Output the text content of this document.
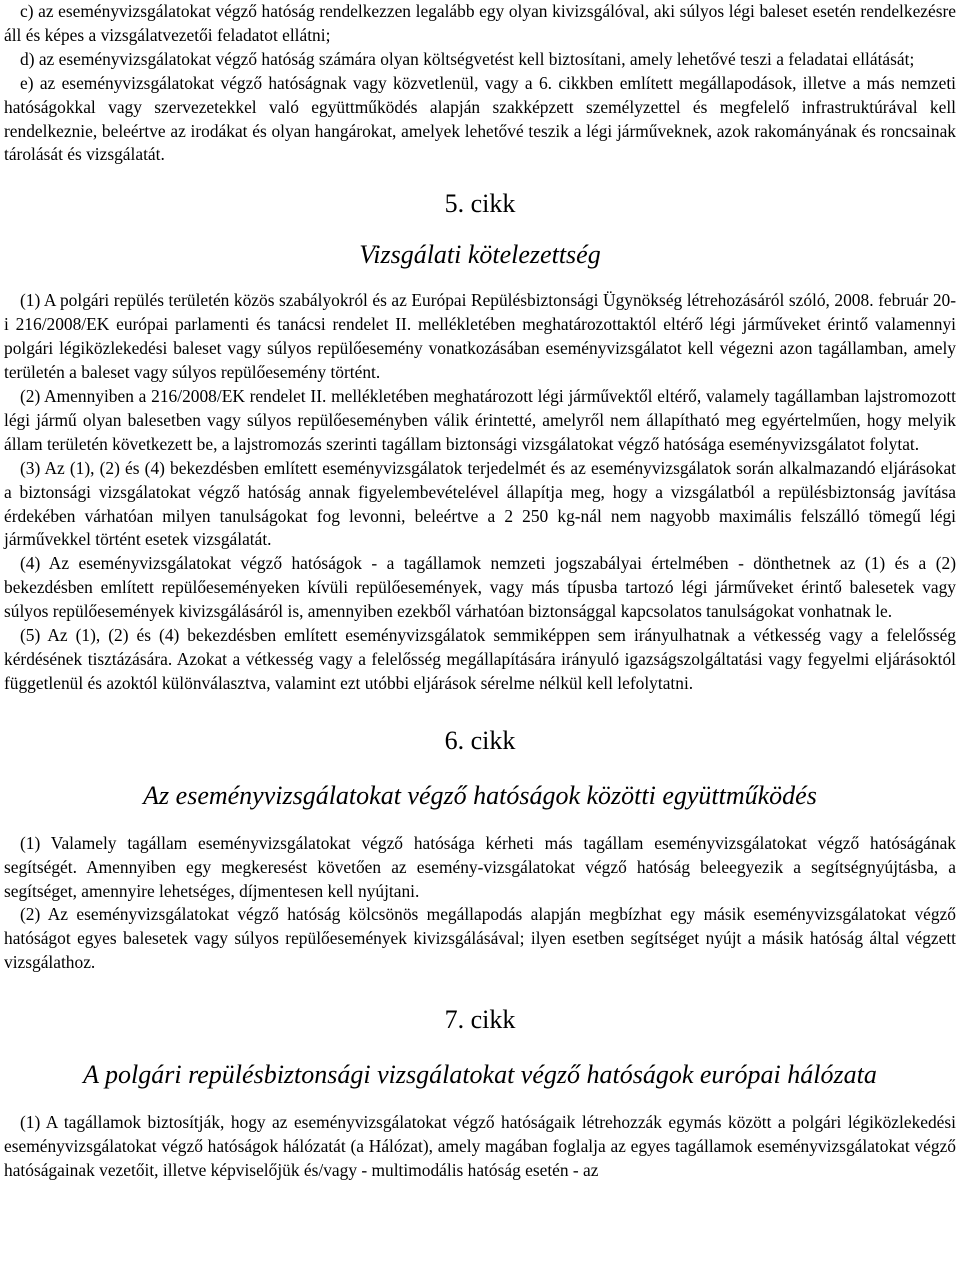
c) az eseményvizsgálatokat végző hatóság rendelkezzen legalább egy olyan kivizsgálóval, aki súlyos légi baleset esetén rendelkezésre áll és képes a vizsgálatvezetői feladatot ellátni;

d) az eseményvizsgálatokat végző hatóság számára olyan költségvetést kell biztosítani, amely lehetővé teszi a feladatai ellátását;

e) az eseményvizsgálatokat végző hatóságnak vagy közvetlenül, vagy a 6. cikkben említett megállapodások, illetve a más nemzeti hatóságokkal vagy szervezetekkel való együttműködés alapján szakképzett személyzettel és megfelelő infrastruktúrával kell rendelkeznie, beleértve az irodákat és olyan hangárokat, amelyek lehetővé teszik a légi járműveknek, azok rakományának és roncsainak tárolását és vizsgálatát.

5. cikk

Vizsgálati kötelezettség

(1) A polgári repülés területén közös szabályokról és az Európai Repülésbiztonsági Ügynökség létrehozásáról szóló, 2008. február 20-i 216/2008/EK európai parlamenti és tanácsi rendelet II. mellékletében meghatározottaktól eltérő légi járműveket érintő valamennyi polgári légiközlekedési baleset vagy súlyos repülőesemény vonatkozásában eseményvizsgálatot kell végezni azon tagállamban, amely területén a baleset vagy súlyos repülőesemény történt.

(2) Amennyiben a 216/2008/EK rendelet II. mellékletében meghatározott légi járművektől eltérő, valamely tagállamban lajstromozott légi jármű olyan balesetben vagy súlyos repülőeseményben válik érintetté, amelyről nem állapítható meg egyértelműen, hogy melyik állam területén következett be, a lajstromozás szerinti tagállam biztonsági vizsgálatokat végző hatósága eseményvizsgálatot folytat.

(3) Az (1), (2) és (4) bekezdésben említett eseményvizsgálatok terjedelmét és az eseményvizsgálatok során alkalmazandó eljárásokat a biztonsági vizsgálatokat végző hatóság annak figyelembevételével állapítja meg, hogy a vizsgálatból a repülésbiztonság javítása érdekében várhatóan milyen tanulságokat fog levonni, beleértve a 2 250 kg-nál nem nagyobb maximális felszálló tömegű légi járművekkel történt esetek vizsgálatát.

(4) Az eseményvizsgálatokat végző hatóságok - a tagállamok nemzeti jogszabályai értelmében - dönthetnek az (1) és a (2) bekezdésben említett repülőeseményeken kívüli repülőesemények, vagy más típusba tartozó légi járműveket érintő balesetek vagy súlyos repülőesemények kivizsgálásáról is, amennyiben ezekből várhatóan biztonsággal kapcsolatos tanulságokat vonhatnak le.

(5) Az (1), (2) és (4) bekezdésben említett eseményvizsgálatok semmiképpen sem irányulhatnak a vétkesség vagy a felelősség kérdésének tisztázására. Azokat a vétkesség vagy a felelősség megállapítására irányuló igazságszolgáltatási vagy fegyelmi eljárásoktól függetlenül és azoktól különválasztva, valamint ezt utóbbi eljárások sérelme nélkül kell lefolytatni.

6. cikk

Az eseményvizsgálatokat végző hatóságok közötti együttműködés

(1) Valamely tagállam eseményvizsgálatokat végző hatósága kérheti más tagállam eseményvizsgálatokat végző hatóságának segítségét. Amennyiben egy megkeresést követően az esemény-vizsgálatokat végző hatóság beleegyezik a segítségnyújtásba, a segítséget, amennyire lehetséges, díjmentesen kell nyújtani.

(2) Az eseményvizsgálatokat végző hatóság kölcsönös megállapodás alapján megbízhat egy másik eseményvizsgálatokat végző hatóságot egyes balesetek vagy súlyos repülőesemények kivizsgálásával; ilyen esetben segítséget nyújt a másik hatóság által végzett vizsgálathoz.

7. cikk

A polgári repülésbiztonsági vizsgálatokat végző hatóságok európai hálózata

(1) A tagállamok biztosítják, hogy az eseményvizsgálatokat végző hatóságaik létrehozzák egymás között a polgári légiközlekedési eseményvizsgálatokat végző hatóságok hálózatát (a Hálózat), amely magában foglalja az egyes tagállamok eseményvizsgálatokat végző hatóságainak vezetőit, illetve képviselőjük és/vagy - multimodális hatóság esetén - az
